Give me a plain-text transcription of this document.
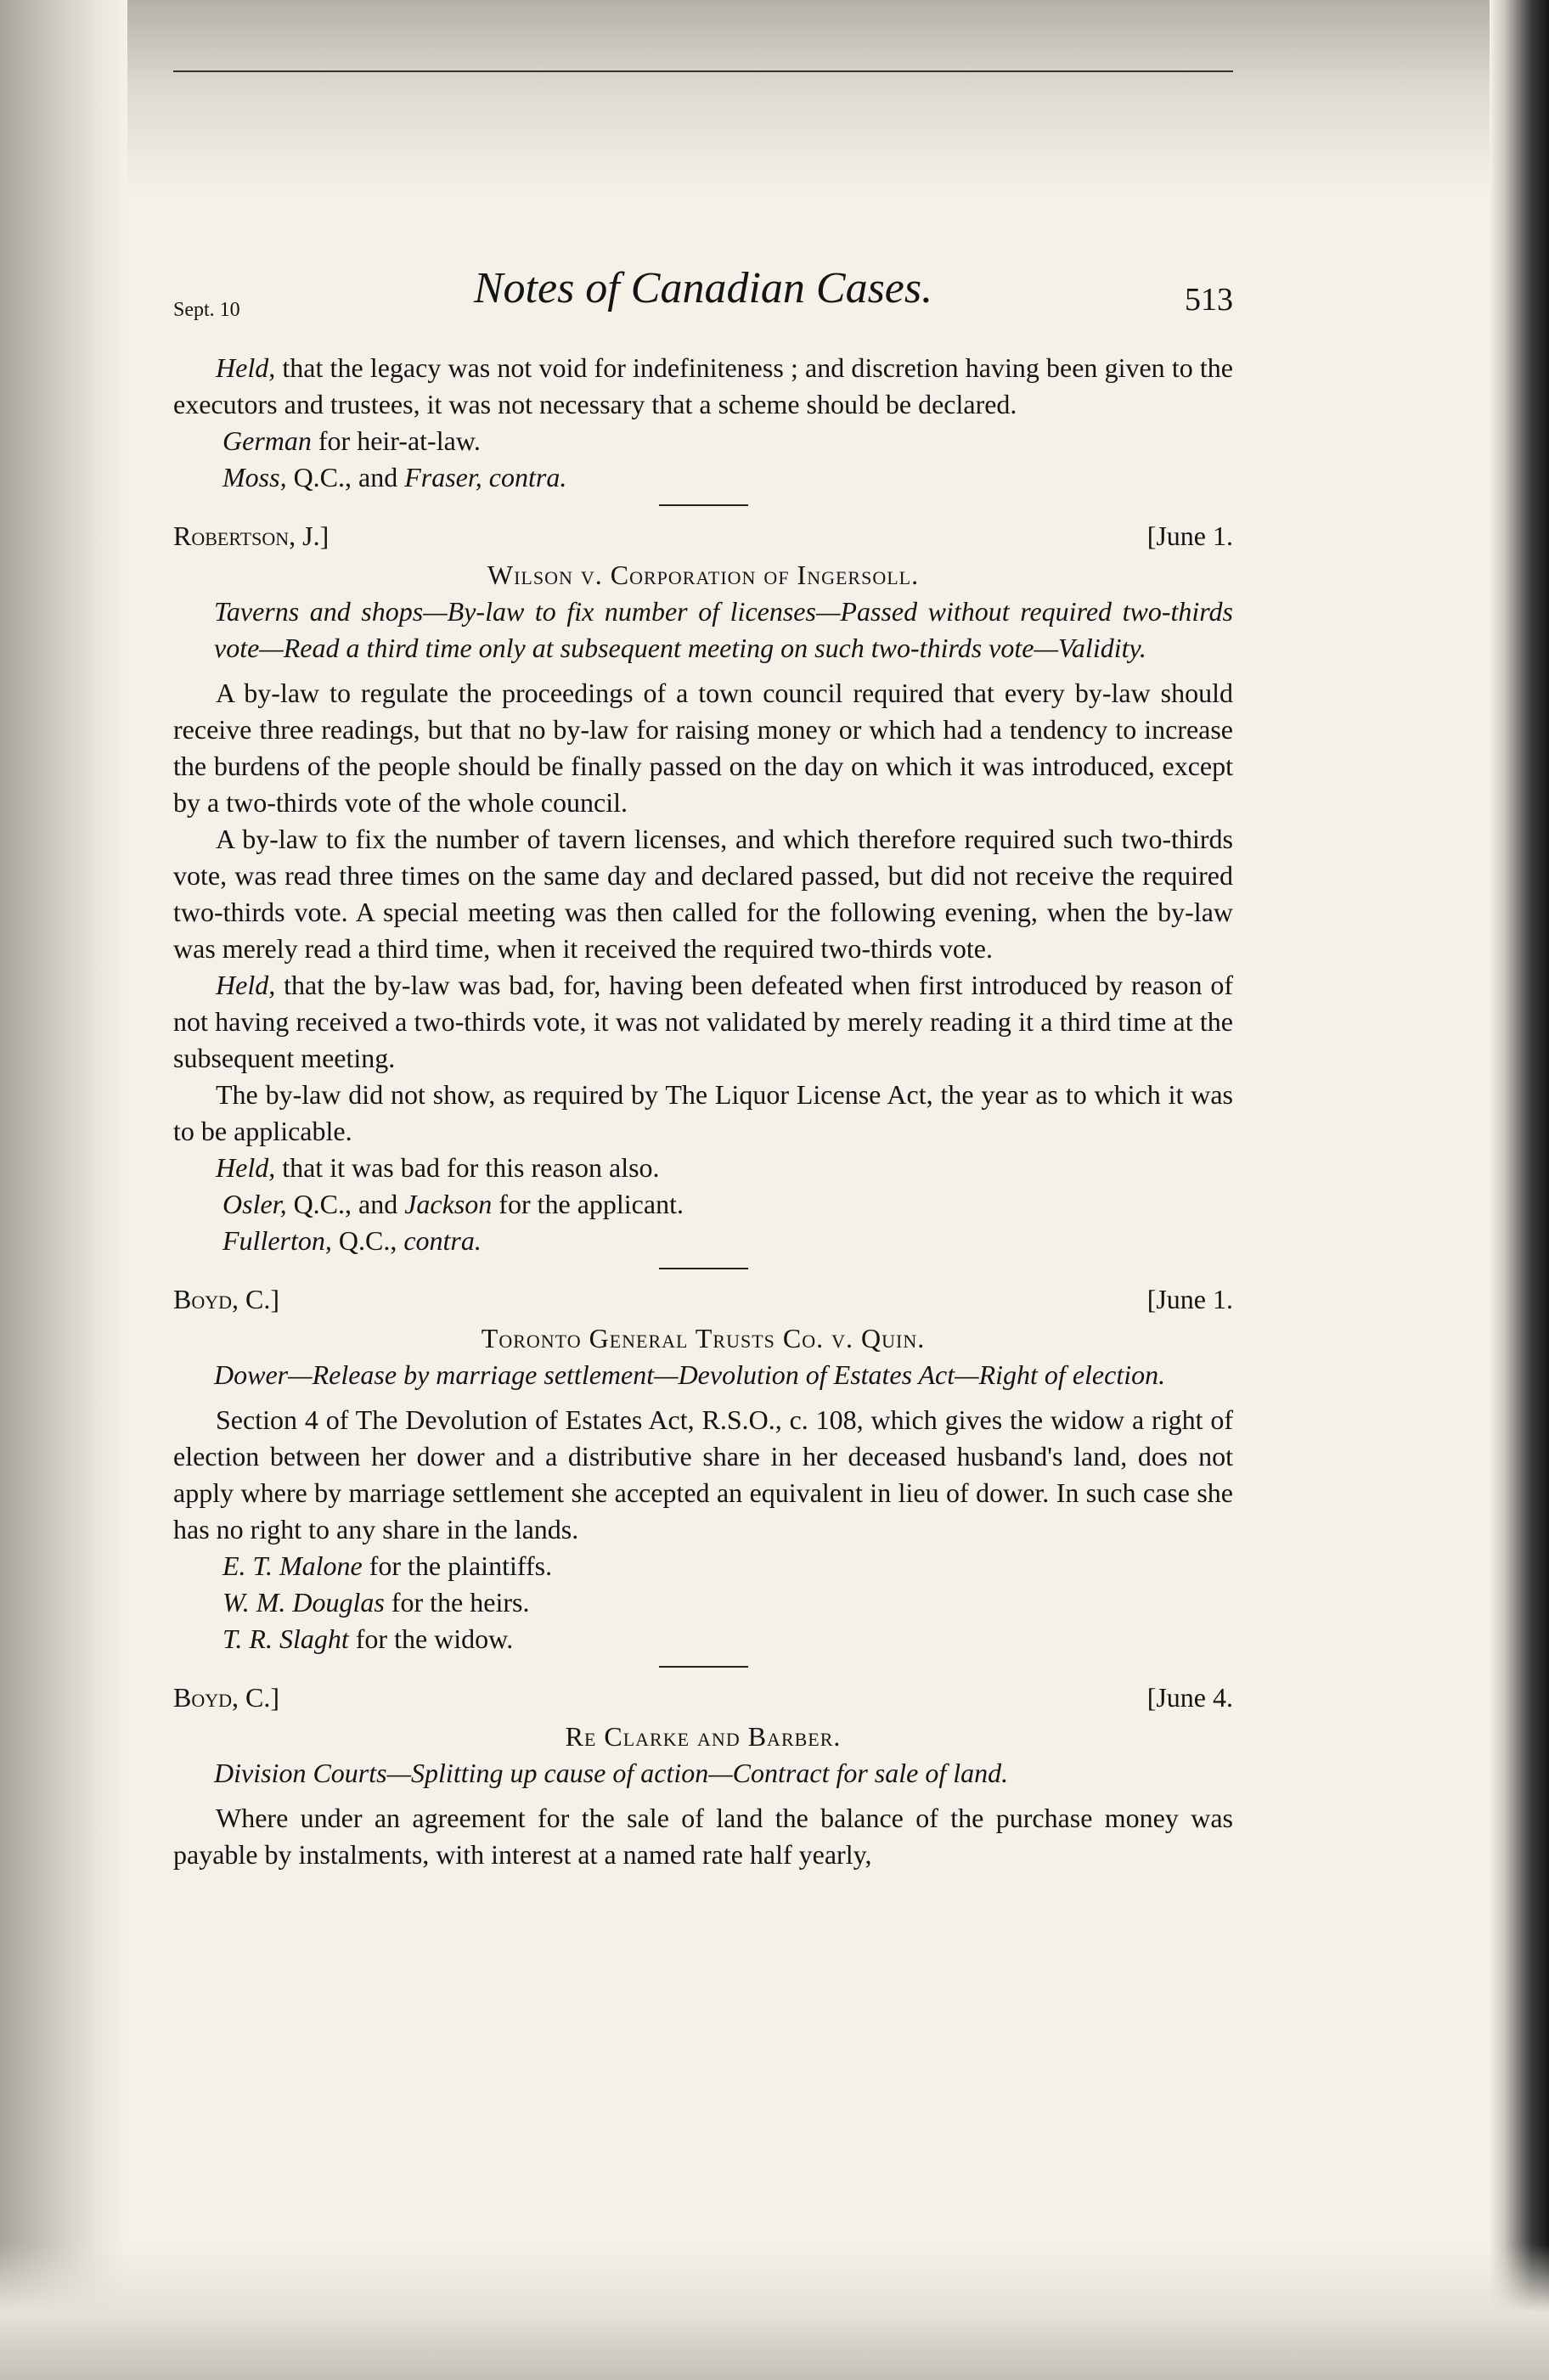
Sept. 10	Notes of Canadian Cases.	513

Held, that the legacy was not void for indefiniteness ; and discretion having been given to the executors and trustees, it was not necessary that a scheme should be declared.

German for heir-at-law.

Moss, Q.C., and Fraser, contra.

Robertson, J.]	[June 1.
Wilson v. Corporation of Ingersoll.
Taverns and shops—By-law to fix number of licenses—Passed without required two-thirds vote—Read a third time only at subsequent meeting on such two-thirds vote—Validity.

A by-law to regulate the proceedings of a town council required that every by-law should receive three readings, but that no by-law for raising money or which had a tendency to increase the burdens of the people should be finally passed on the day on which it was introduced, except by a two-thirds vote of the whole council.

A by-law to fix the number of tavern licenses, and which therefore required such two-thirds vote, was read three times on the same day and declared passed, but did not receive the required two-thirds vote. A special meeting was then called for the following evening, when the by-law was merely read a third time, when it received the required two-thirds vote.

Held, that the by-law was bad, for, having been defeated when first introduced by reason of not having received a two-thirds vote, it was not validated by merely reading it a third time at the subsequent meeting.

The by-law did not show, as required by The Liquor License Act, the year as to which it was to be applicable.

Held, that it was bad for this reason also.

Osler, Q.C., and Jackson for the applicant.

Fullerton, Q.C., contra.

Boyd, C.]	[June 1.
Toronto General Trusts Co. v. Quin.
Dower—Release by marriage settlement—Devolution of Estates Act—Right of election.

Section 4 of The Devolution of Estates Act, R.S.O., c. 108, which gives the widow a right of election between her dower and a distributive share in her deceased husband's land, does not apply where by marriage settlement she accepted an equivalent in lieu of dower. In such case she has no right to any share in the lands.

E. T. Malone for the plaintiffs.

W. M. Douglas for the heirs.

T. R. Slaght for the widow.

Boyd, C.]	[June 4.
Re Clarke and Barber.
Division Courts—Splitting up cause of action—Contract for sale of land.

Where under an agreement for the sale of land the balance of the purchase money was payable by instalments, with interest at a named rate half yearly,
